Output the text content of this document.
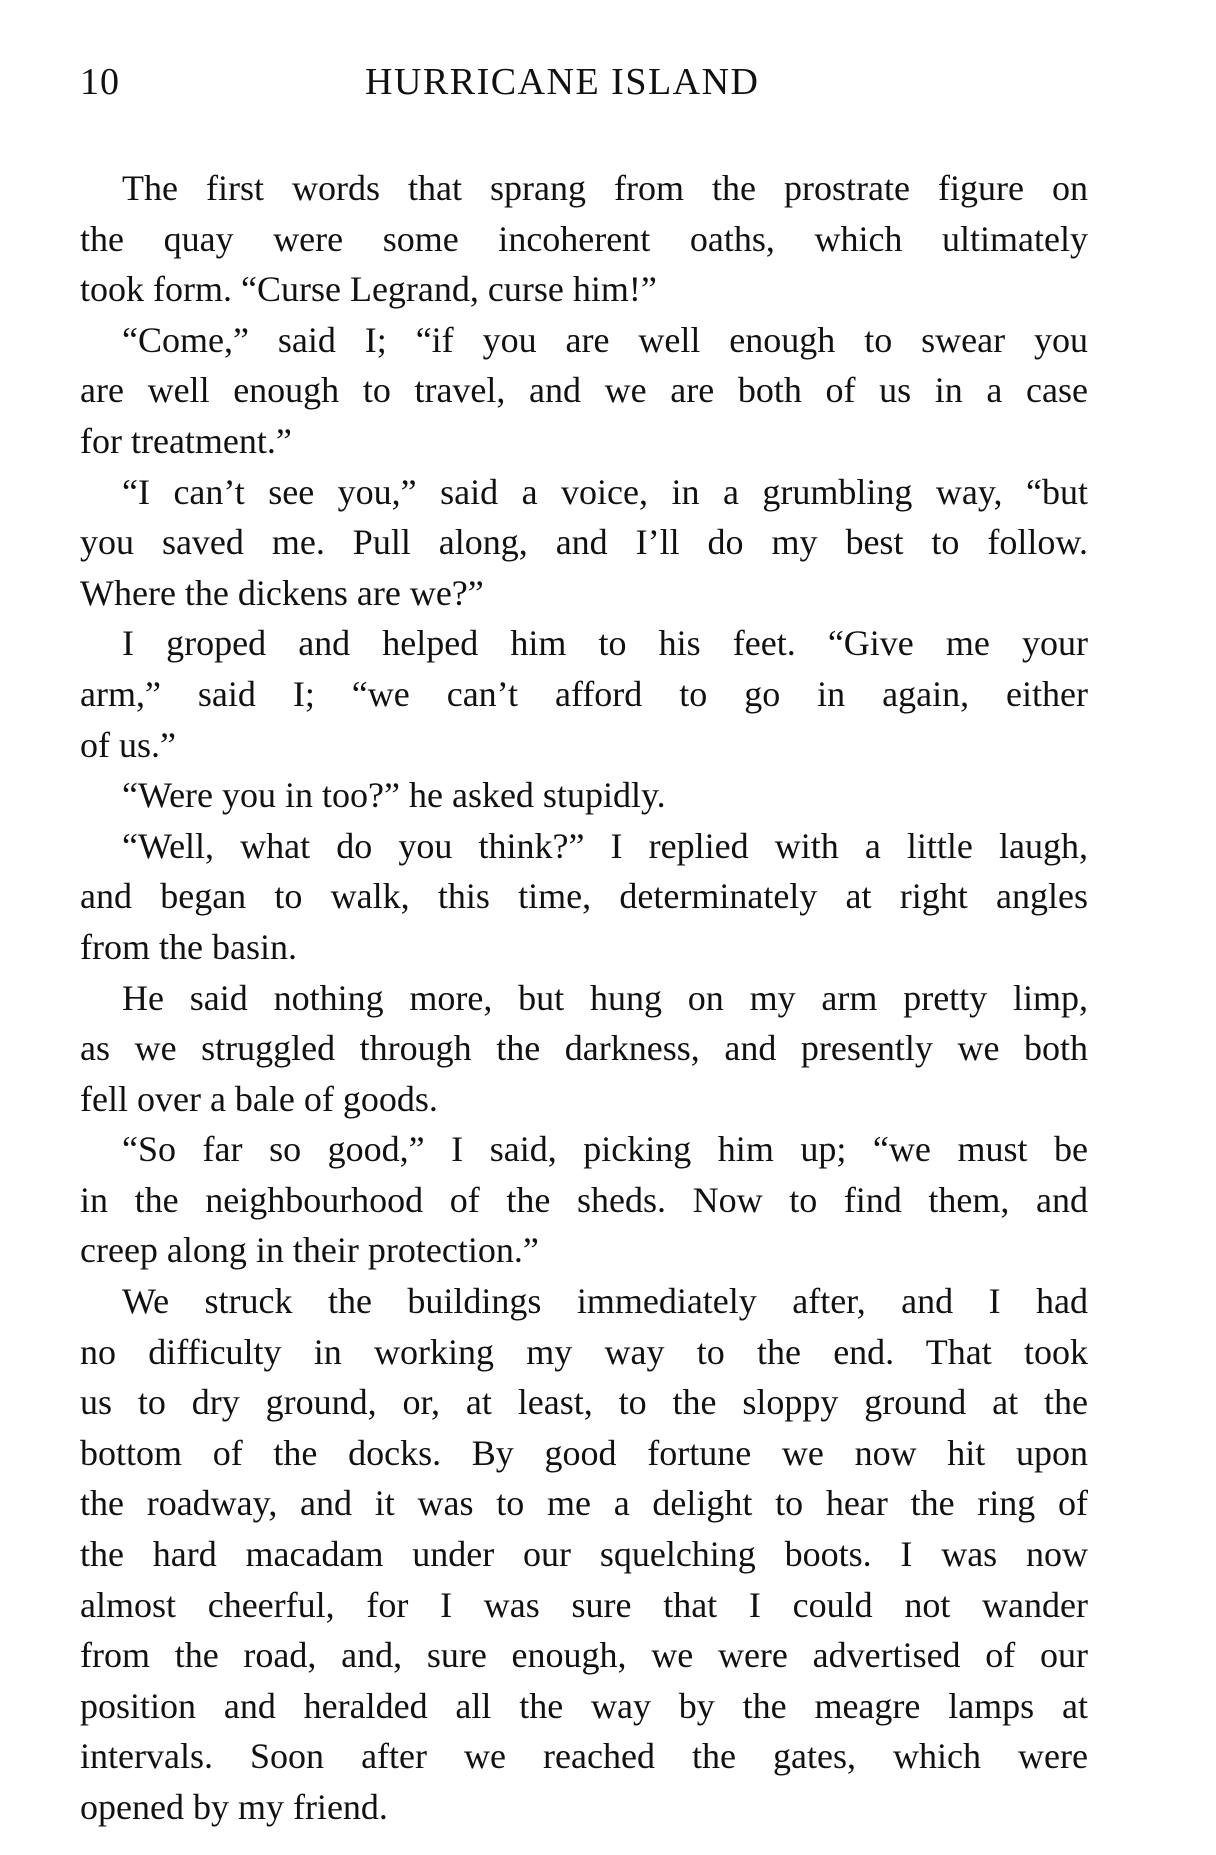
10	HURRICANE ISLAND
The first words that sprang from the prostrate figure on
the quay were some incoherent oaths, which ultimately
took form. “Curse Legrand, curse him!”
“Come,” said I; “if you are well enough to swear you
are well enough to travel, and we are both of us in a case
for treatment.”
“I can’t see you,” said a voice, in a grumbling way, “but
you saved me. Pull along, and I’ll do my best to follow.
Where the dickens are we?”
I groped and helped him to his feet. “Give me your
arm,” said I; “we can’t afford to go in again, either
of us.”
“Were you in too?” he asked stupidly.
“Well, what do you think?” I replied with a little laugh,
and began to walk, this time, determinately at right angles
from the basin.
He said nothing more, but hung on my arm pretty limp,
as we struggled through the darkness, and presently we both
fell over a bale of goods.
“So far so good,” I said, picking him up; “we must be
in the neighbourhood of the sheds. Now to find them, and
creep along in their protection.”
We struck the buildings immediately after, and I had
no difficulty in working my way to the end. That took
us to dry ground, or, at least, to the sloppy ground at the
bottom of the docks. By good fortune we now hit upon
the roadway, and it was to me a delight to hear the ring of
the hard macadam under our squelching boots. I was now
almost cheerful, for I was sure that I could not wander
from the road, and, sure enough, we were advertised of our
position and heralded all the way by the meagre lamps at
intervals. Soon after we reached the gates, which were
opened by my friend.
